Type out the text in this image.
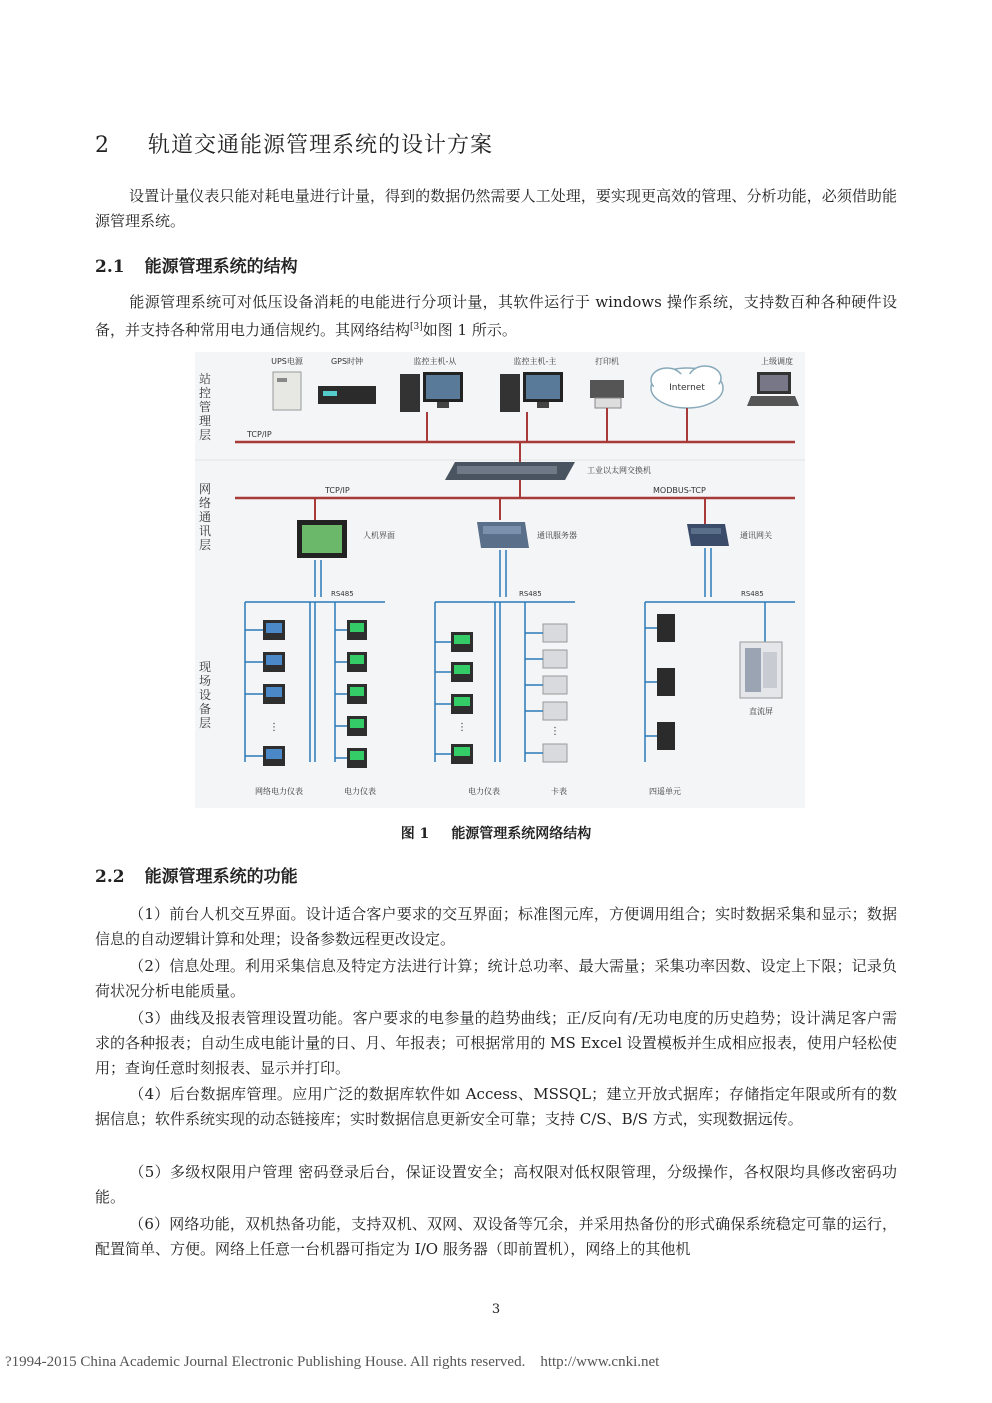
2 轨道交通能源管理系统的设计方案
设置计量仪表只能对耗电量进行计量，得到的数据仍然需要人工处理，要实现更高效的管理、分析功能，必须借助能源管理系统。
2.1 能源管理系统的结构
能源管理系统可对低压设备消耗的电能进行分项计量，其软件运行于 windows 操作系统，支持数百种各种硬件设备，并支持各种常用电力通信规约。其网络结构[3]如图 1 所示。
Internet
UPS电源	GPS时钟	监控主机-从	监控主机-主	打印机	上级调度
TCP/IP
工业以太网交换机
TCP/IP	MODBUS-TCP
人机界面	通讯服务器	通讯网关
RS485	RS485	RS485
⋮	⋮	⋮
直流屏
网络电力仪表	电力仪表	电力仪表	卡表	四遥单元
站控管理层
网络通讯层
现场设备层
图 1 能源管理系统网络结构
2.2 能源管理系统的功能
（1）前台人机交互界面。设计适合客户要求的交互界面；标准图元库，方便调用组合；实时数据采集和显示；数据信息的自动逻辑计算和处理；设备参数远程更改设定。
（2）信息处理。利用采集信息及特定方法进行计算；统计总功率、最大需量；采集功率因数、设定上下限；记录负荷状况分析电能质量。
（3）曲线及报表管理设置功能。客户要求的电参量的趋势曲线；正/反向有/无功电度的历史趋势；设计满足客户需求的各种报表；自动生成电能计量的日、月、年报表；可根据常用的 MS Excel 设置模板并生成相应报表，使用户轻松使用；查询任意时刻报表、显示并打印。
（4）后台数据库管理。应用广泛的数据库软件如 Access、MSSQL；建立开放式据库；存储指定年限或所有的数据信息；软件系统实现的动态链接库；实时数据信息更新安全可靠；支持 C/S、B/S 方式，实现数据远传。
（5）多级权限用户管理 密码登录后台，保证设置安全；高权限对低权限管理，分级操作，各权限均具修改密码功能。
（6）网络功能，双机热备功能，支持双机、双网、双设备等冗余，并采用热备份的形式确保系统稳定可靠的运行，配置简单、方便。网络上任意一台机器可指定为 I/O 服务器（即前置机），网络上的其他机
3
?1994-2015 China Academic Journal Electronic Publishing House. All rights reserved.    http://www.cnki.net
